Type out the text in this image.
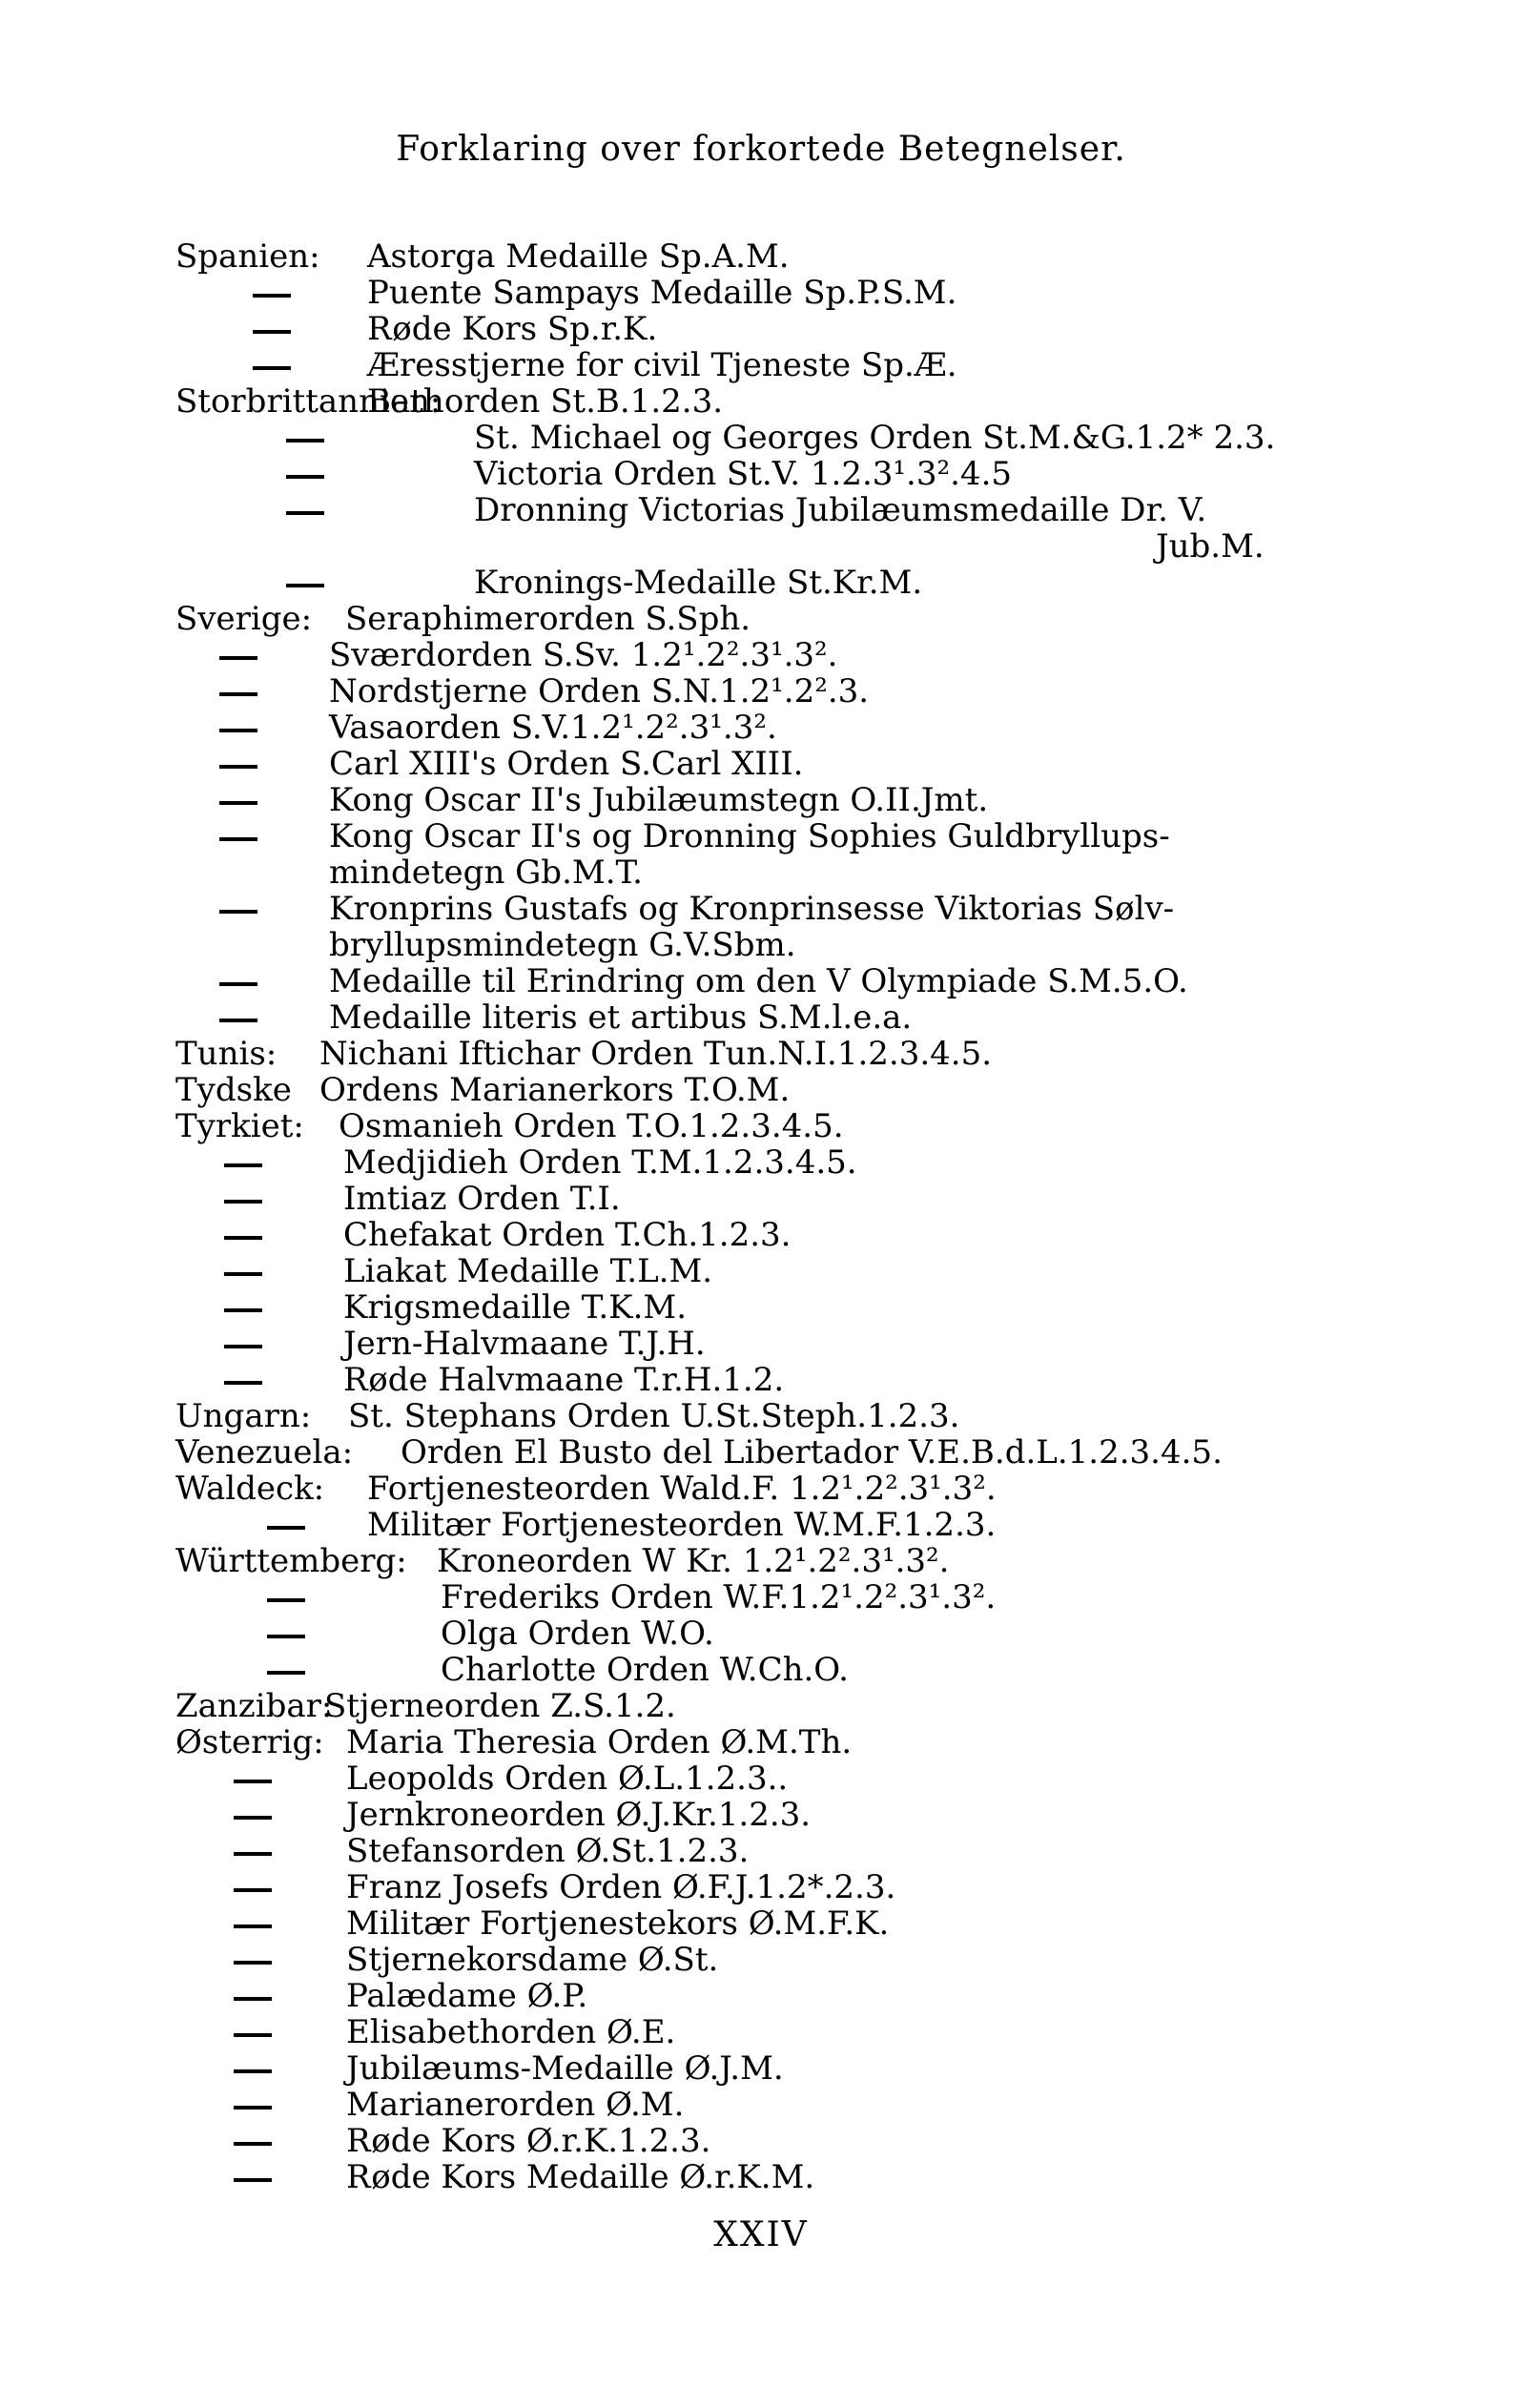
Forklaring over forkortede Betegnelser.
Spanien: Astorga Medaille Sp.A.M.
Puente Sampays Medaille Sp.P.S.M.
Røde Kors Sp.r.K.
Æresstjerne for civil Tjeneste Sp.Æ.
Storbrittannien:
Bathorden St.B.1.2.3.
St. Michael og Georges Orden St.M.&G.1.2* 2.3.
Victoria Orden St.V. 1.2.3¹.3².4.5
Dronning Victorias Jubilæumsmedaille Dr. V.
Jub.M.
Kronings-Medaille St.Kr.M.
Sverige: Seraphimerorden S.Sph.
Sværdorden S.Sv. 1.2¹.2².3¹.3².
Nordstjerne Orden S.N.1.2¹.2².3.
Vasaorden S.V.1.2¹.2².3¹.3².
Carl XIII's Orden S.Carl XIII.
Kong Oscar II's Jubilæumstegn O.II.Jmt.
Kong Oscar II's og Dronning Sophies Guldbryllups-
mindetegn Gb.M.T.
Kronprins Gustafs og Kronprinsesse Viktorias Sølv-
bryllupsmindetegn G.V.Sbm.
Medaille til Erindring om den V Olympiade S.M.5.O.
Medaille literis et artibus S.M.l.e.a.
Tunis: Nichani Iftichar Orden Tun.N.I.1.2.3.4.5.
Tydske Ordens Marianerkors T.O.M.
Tyrkiet: Osmanieh Orden T.O.1.2.3.4.5.
Medjidieh Orden T.M.1.2.3.4.5.
Imtiaz Orden T.I.
Chefakat Orden T.Ch.1.2.3.
Liakat Medaille T.L.M.
Krigsmedaille T.K.M.
Jern-Halvmaane T.J.H.
Røde Halvmaane T.r.H.1.2.
Ungarn: St. Stephans Orden U.St.Steph.1.2.3.
Venezuela: Orden El Busto del Libertador V.E.B.d.L.1.2.3.4.5.
Waldeck: Fortjenesteorden Wald.F. 1.2¹.2².3¹.3².
Militær Fortjenesteorden W.M.F.1.2.3.
Württemberg: Kroneorden W Kr. 1.2¹.2².3¹.3².
Frederiks Orden W.F.1.2¹.2².3¹.3².
Olga Orden W.O.
Charlotte Orden W.Ch.O.
Zanzibar:
Stjerneorden Z.S.1.2.
Østerrig: Maria Theresia Orden Ø.M.Th.
Leopolds Orden Ø.L.1.2.3..
Jernkroneorden Ø.J.Kr.1.2.3.
Stefansorden Ø.St.1.2.3.
Franz Josefs Orden Ø.F.J.1.2*.2.3.
Militær Fortjenestekors Ø.M.F.K.
Stjernekorsdame Ø.St.
Palædame Ø.P.
Elisabethorden Ø.E.
Jubilæums-Medaille Ø.J.M.
Marianerorden Ø.M.
Røde Kors Ø.r.K.1.2.3.
Røde Kors Medaille Ø.r.K.M.
XXIV
